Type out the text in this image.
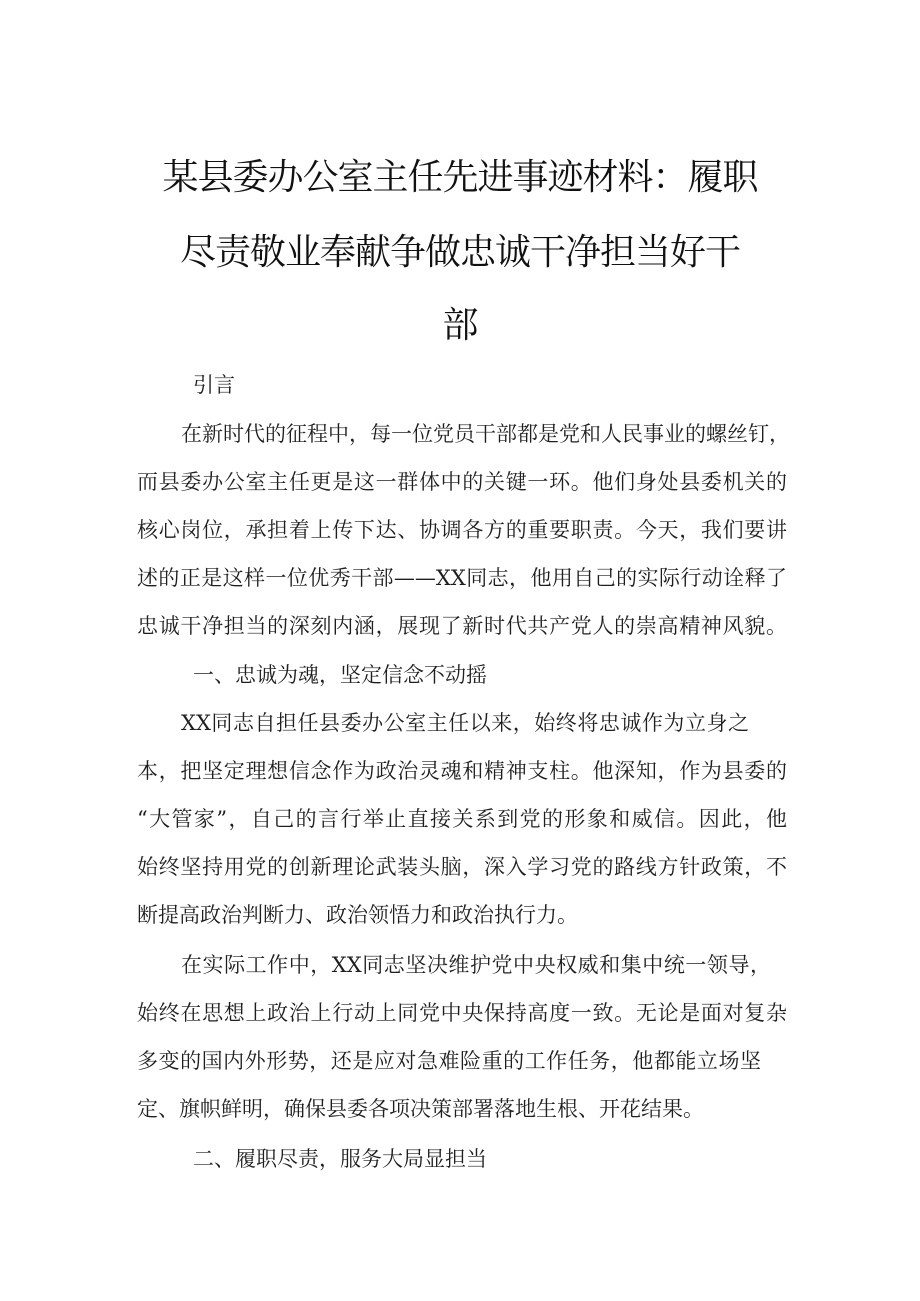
某县委办公室主任先进事迹材料：履职
尽责敬业奉献争做忠诚干净担当好干
部
引言
在新时代的征程中，每一位党员干部都是党和人民事业的螺丝钉，
而县委办公室主任更是这一群体中的关键一环。他们身处县委机关的
核心岗位，承担着上传下达、协调各方的重要职责。今天，我们要讲
述的正是这样一位优秀干部——XX同志，他用自己的实际行动诠释了
忠诚干净担当的深刻内涵，展现了新时代共产党人的崇高精神风貌。
一、忠诚为魂，坚定信念不动摇
XX同志自担任县委办公室主任以来，始终将忠诚作为立身之
本，把坚定理想信念作为政治灵魂和精神支柱。他深知，作为县委的
“大管家”，自己的言行举止直接关系到党的形象和威信。因此，他
始终坚持用党的创新理论武装头脑，深入学习党的路线方针政策，不
断提高政治判断力、政治领悟力和政治执行力。
在实际工作中，XX同志坚决维护党中央权威和集中统一领导，
始终在思想上政治上行动上同党中央保持高度一致。无论是面对复杂
多变的国内外形势，还是应对急难险重的工作任务，他都能立场坚
定、旗帜鲜明，确保县委各项决策部署落地生根、开花结果。
二、履职尽责，服务大局显担当
